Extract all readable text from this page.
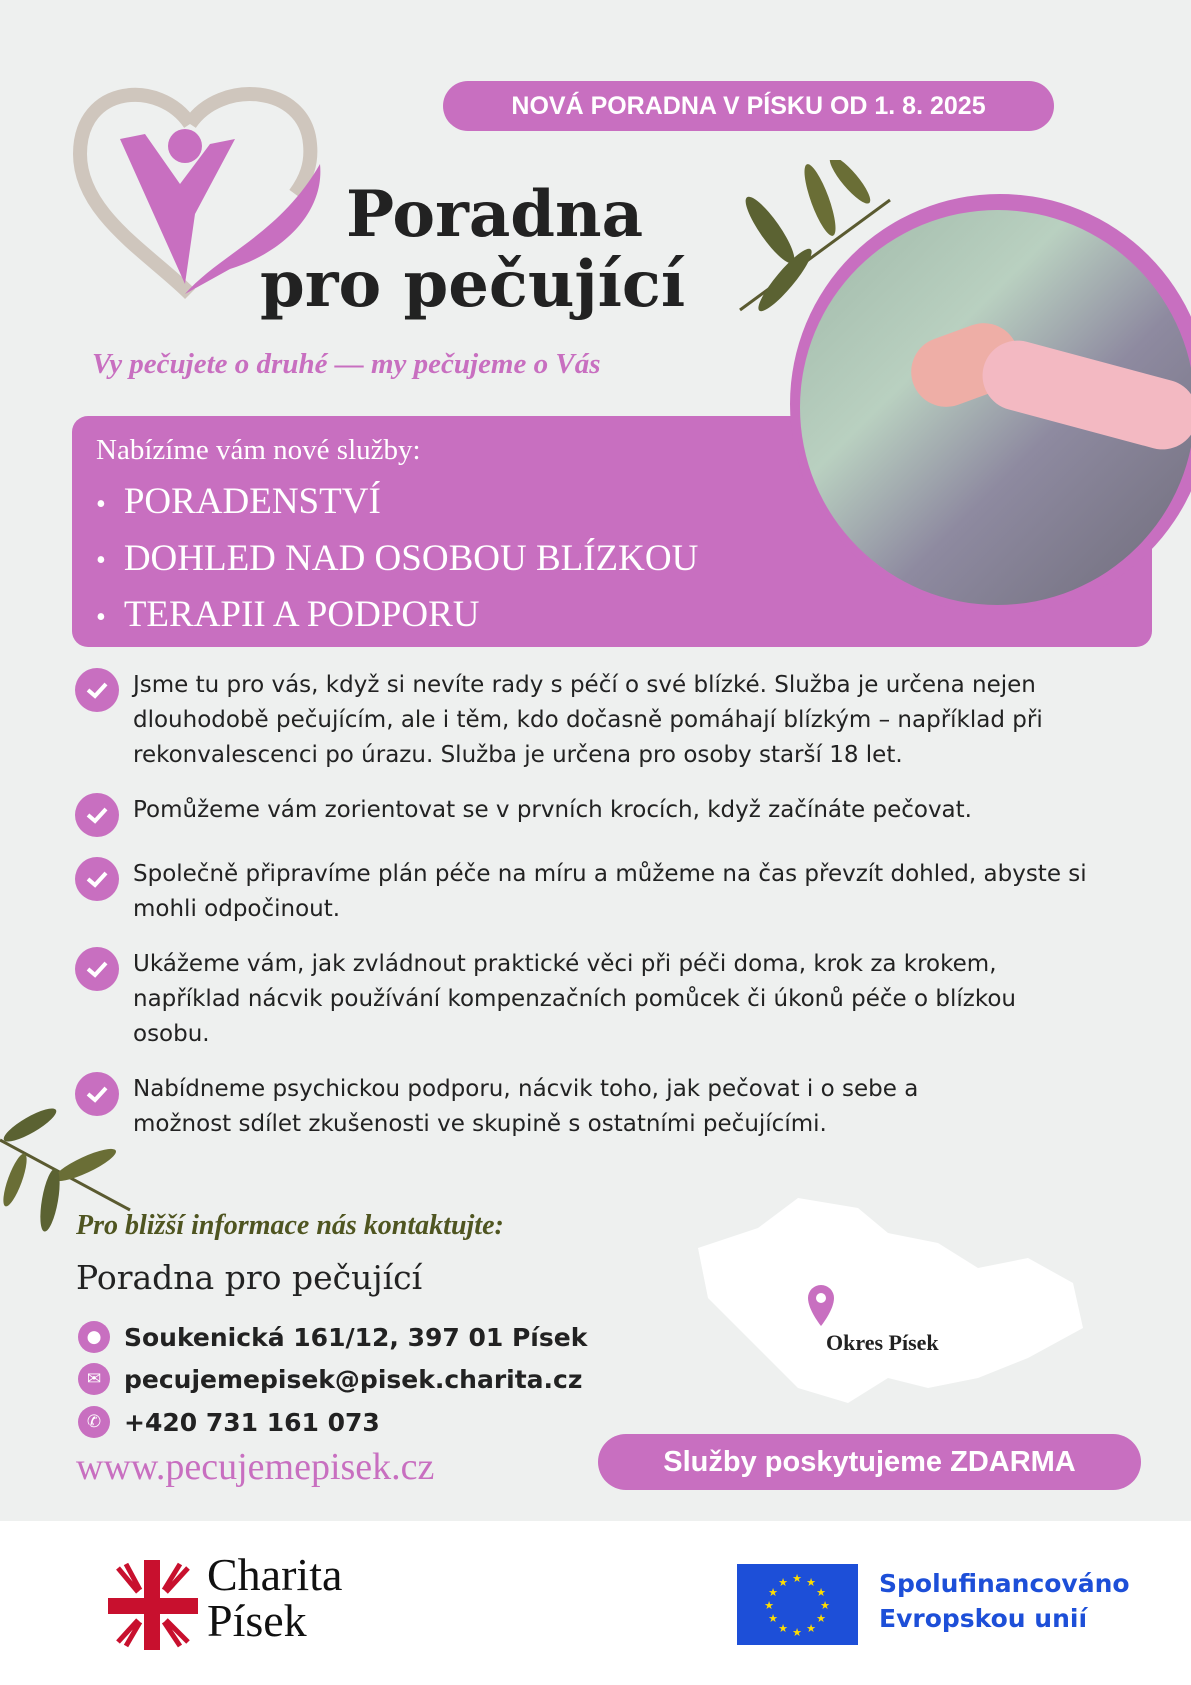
NOVÁ PORADNA V PÍSKU OD 1. 8. 2025
Poradna
pro pečující
Vy pečujete o druhé — my pečujeme o Vás
Nabízíme vám nové služby:
• PORADENSTVÍ
• DOHLED NAD OSOBOU BLÍZKOU
• TERAPII A PODPORU

Jsme tu pro vás, když si nevíte rady s péčí o své blízké. Služba je určena nejen dlouhodobě pečujícím, ale i těm, kdo dočasně pomáhají blízkým – například při rekonvalescenci po úrazu. Služba je určena pro osoby starší 18 let.

Pomůžeme vám zorientovat se v prvních krocích, když začínáte pečovat.

Společně připravíme plán péče na míru a můžeme na čas převzít dohled, abyste si mohli odpočinout.

Ukážeme vám, jak zvládnout praktické věci při péči doma, krok za krokem, například nácvik používání kompenzačních pomůcek či úkonů péče o blízkou osobu.

Nabídneme psychickou podporu, nácvik toho, jak pečovat i o sebe a možnost sdílet zkušenosti ve skupině s ostatními pečujícími.

Pro bližší informace nás kontaktujte:
Poradna pro pečující
● Soukenická 161/12, 397 01 Písek
✉ pecujemepisek@pisek.charita.cz
✆ +420 731 161 073
www.pecujemepisek.cz
Okres Písek
Služby poskytujeme ZDARMA
Charita
Písek
★ ★
★
★
★
★
★
★
★
★
★
★	Spolufinancováno
Evropskou unií
